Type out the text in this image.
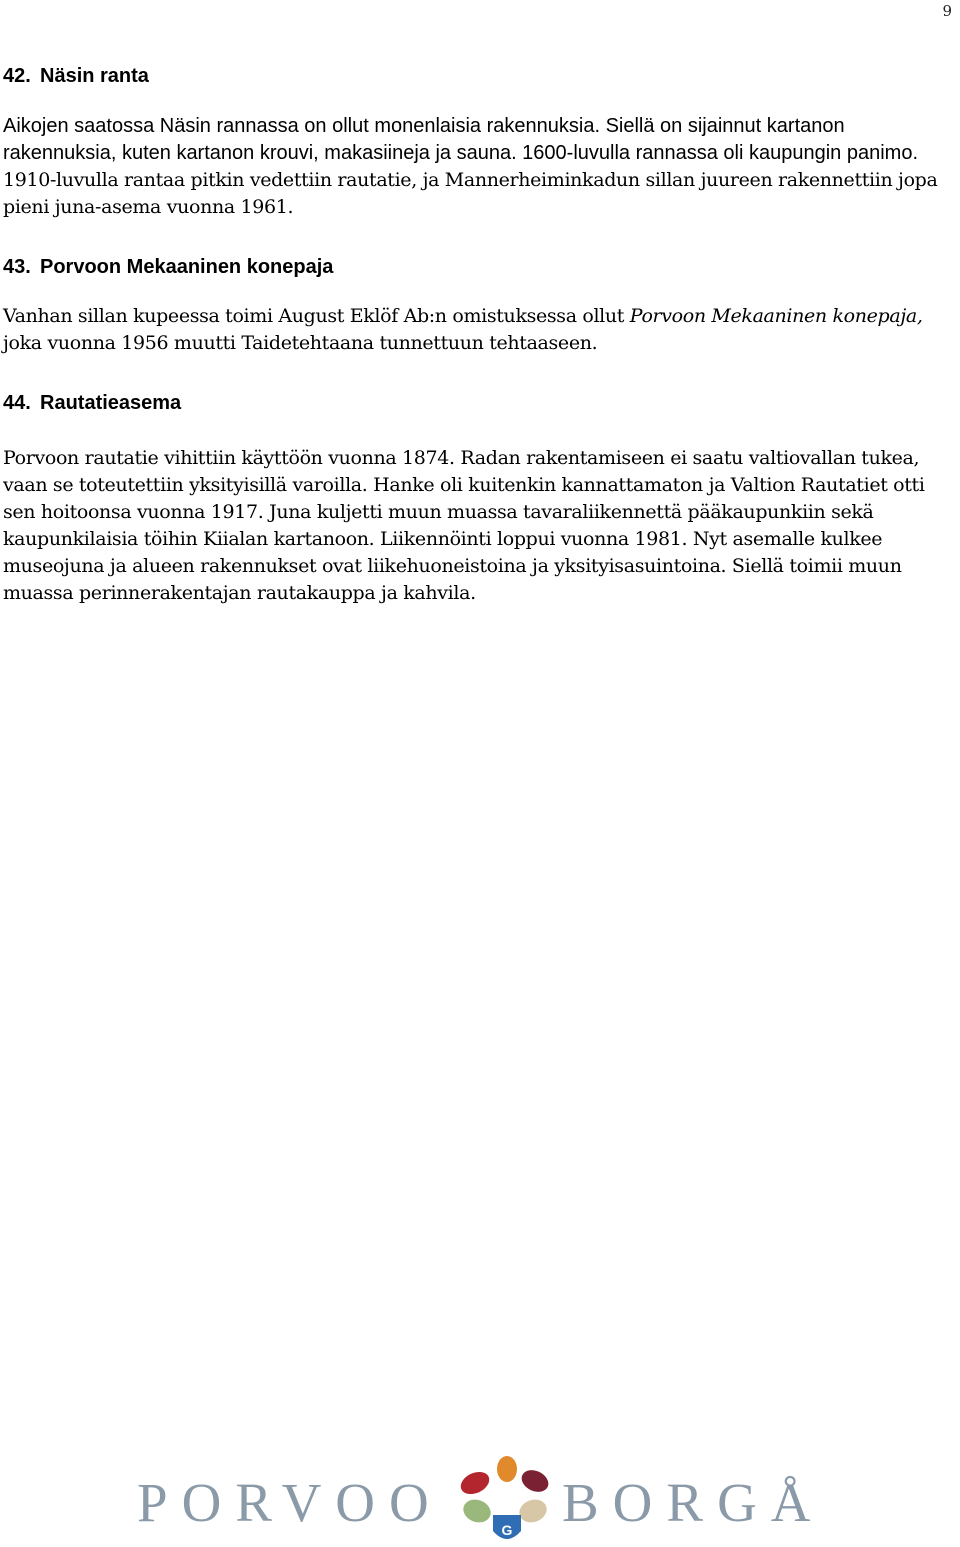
9
42. Näsin ranta

Aikojen saatossa Näsin rannassa on ollut monenlaisia rakennuksia. Siellä on sijainnut kartanon rakennuksia, kuten kartanon krouvi, makasiineja ja sauna. 1600-luvulla rannassa oli kaupungin panimo. 1910-luvulla rantaa pitkin vedettiin rautatie, ja Mannerheiminkadun sillan juureen rakennettiin jopa pieni juna-asema vuonna 1961.

43. Porvoon Mekaaninen konepaja

Vanhan sillan kupeessa toimi August Eklöf Ab:n omistuksessa ollut Porvoon Mekaaninen konepaja, joka vuonna 1956 muutti Taidetehtaana tunnettuun tehtaaseen.

44. Rautatieasema

Porvoon rautatie vihittiin käyttöön vuonna 1874. Radan rakentamiseen ei saatu valtiovallan tukea, vaan se toteutettiin yksityisillä varoilla. Hanke oli kuitenkin kannattamaton ja Valtion Rautatiet otti sen hoitoonsa vuonna 1917. Juna kuljetti muun muassa tavaraliikennettä pääkaupunkiin sekä kaupunkilaisia töihin Kiialan kartanoon. Liikennöinti loppui vuonna 1981. Nyt asemalle kulkee museojuna ja alueen rakennukset ovat liikehuoneistoina ja yksityisasuintoina. Siellä toimii muun muassa perinnerakentajan rautakauppa ja kahvila.

PORVOO	G BORGÅ
